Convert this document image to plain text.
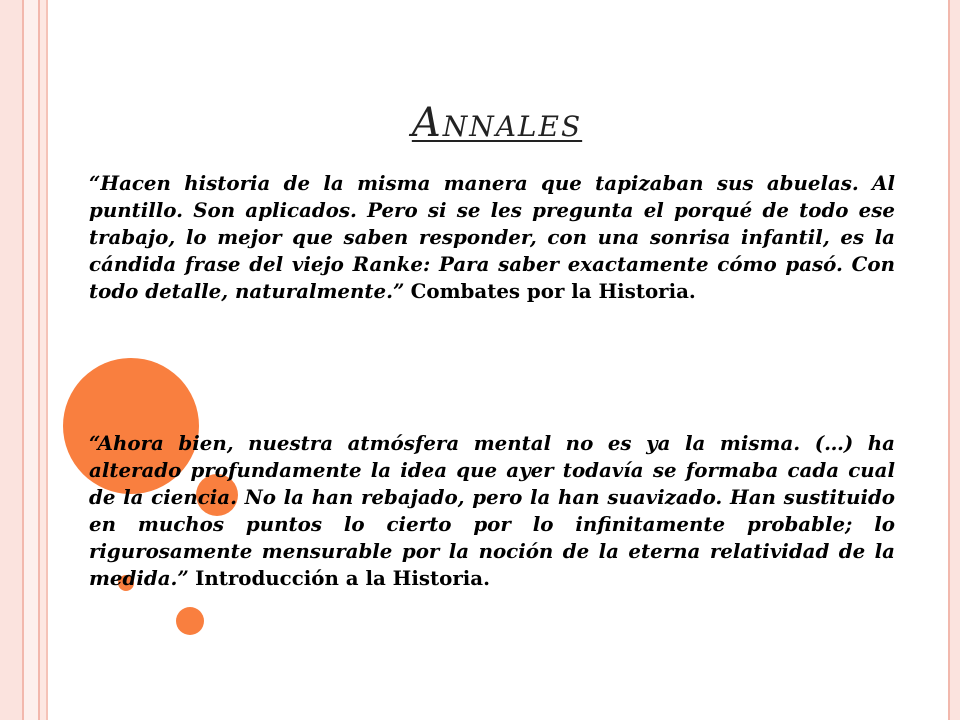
Annales

“Hacen historia de la misma manera que tapizaban sus abuelas. Al puntillo. Son aplicados. Pero si se les pregunta el porqué de todo ese trabajo, lo mejor que saben responder, con una sonrisa infantil, es la cándida frase del viejo Ranke: Para saber exactamente cómo pasó. Con todo detalle, naturalmente.” Combates por la Historia.

“Ahora bien, nuestra atmósfera mental no es ya la misma. (…) ha alterado profundamente la idea que ayer todavía se formaba cada cual de la ciencia. No la han rebajado, pero la han suavizado. Han sustituido en muchos puntos lo cierto por lo infinitamente probable; lo rigurosamente mensurable por la noción de la eterna relatividad de la medida.” Introducción a la Historia.
